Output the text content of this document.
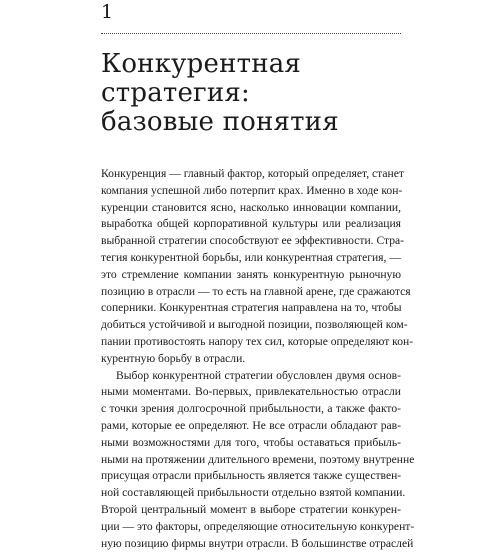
1
Конкурентная
стратегия:
базовые понятия
Конкуренция — главный фактор, который определяет, станет
компания успешной либо потерпит крах. Именно в ходе кон-
куренции становится ясно, насколько инновации компании,
выработка общей корпоративной культуры или реализация
выбранной стратегии способствуют ее эффективности. Стра-
тегия конкурентной борьбы, или конкурентная стратегия, —
это стремление компании занять конкурентную рыночную
позицию в отрасли — то есть на главной арене, где сражаются
соперники. Конкурентная стратегия направлена на то, чтобы
добиться устойчивой и выгодной позиции, позволяющей ком-
пании противостоять напору тех сил, которые определяют кон-
курентную борьбу в отрасли.
Выбор конкурентной стратегии обусловлен двумя основ-
ными моментами. Во-первых, привлекательностью отрасли
с точки зрения долгосрочной прибыльности, а также факто-
рами, которые ее определяют. Не все отрасли обладают рав-
ными возможностями для того, чтобы оставаться прибыль-
ными на протяжении длительного времени, поэтому внутренне
присущая отрасли прибыльность является также существен-
ной составляющей прибыльности отдельно взятой компании.
Второй центральный момент в выборе стратегии конкурен-
ции — это факторы, определяющие относительную конкурент-
ную позицию фирмы внутри отрасли. В большинстве отраслей
